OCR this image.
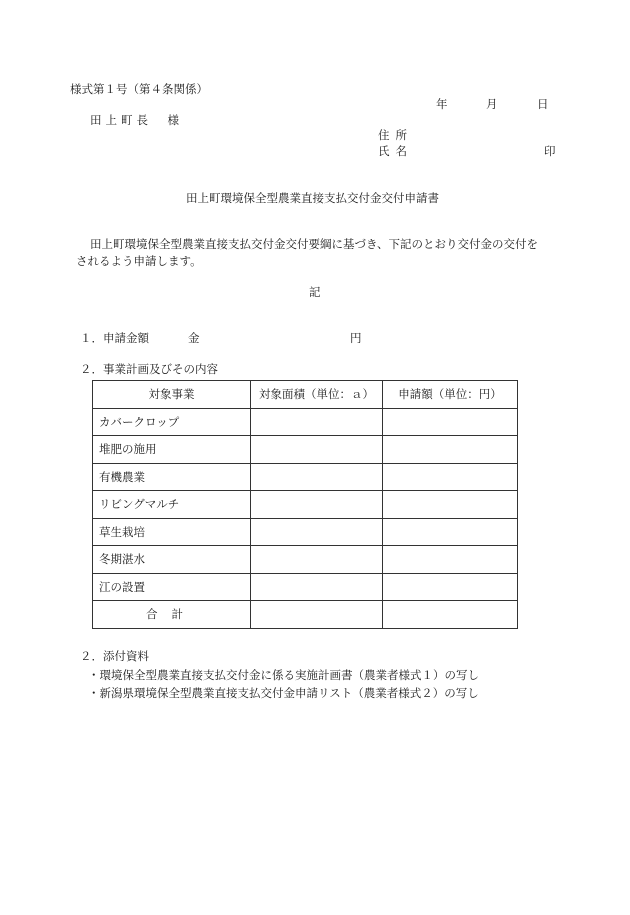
様式第１号（第４条関係）
年	月	日
田上町長　様
住所
氏名	印
田上町環境保全型農業直接支払交付金交付申請書
田上町環境保全型農業直接支払交付金交付要綱に基づき、下記のとおり交付金の交付を
されるよう申請します。
記
１．申請金額	金	円
２．事業計画及びその内容
対象事業	対象面積（単位：ａ）	申請額（単位：円）
カバークロップ		
堆肥の施用		
有機農業		
リビングマルチ		
草生栽培		
冬期湛水		
江の設置		
合計		
２．添付資料
・環境保全型農業直接支払交付金に係る実施計画書（農業者様式１）の写し
・新潟県環境保全型農業直接支払交付金申請リスト（農業者様式２）の写し
